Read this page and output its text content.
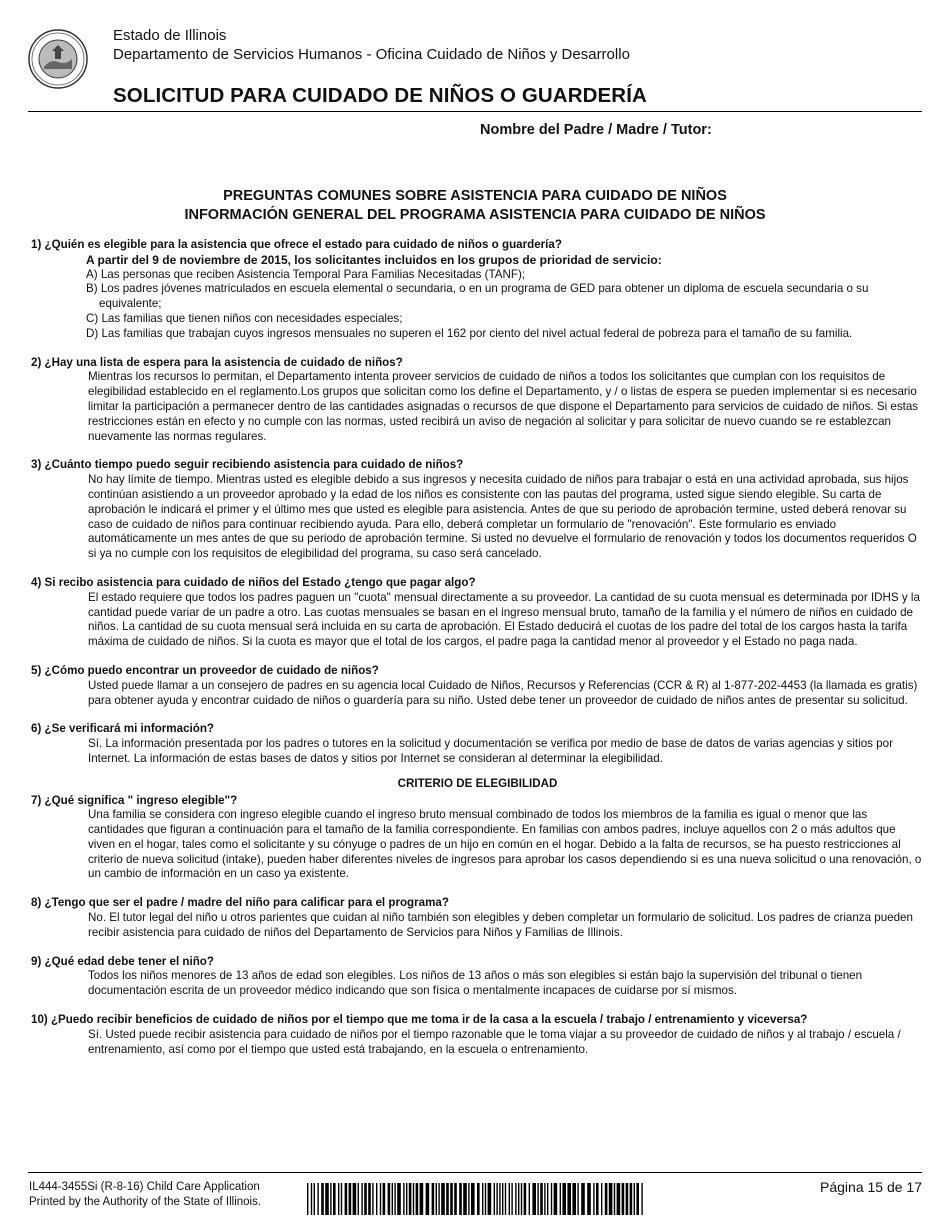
Estado de Illinois
Departamento de Servicios Humanos - Oficina Cuidado de Niños y Desarrollo
SOLICITUD PARA CUIDADO DE NIÑOS O GUARDERÍA
Nombre del Padre / Madre / Tutor:
PREGUNTAS COMUNES SOBRE ASISTENCIA PARA CUIDADO DE NIÑOS
INFORMACIÓN GENERAL DEL PROGRAMA ASISTENCIA PARA CUIDADO DE NIÑOS
1) ¿Quién es elegible para la asistencia que ofrece el estado para cuidado de niños o guardería?
A partir del 9 de noviembre de 2015, los solicitantes incluidos en los grupos de prioridad de servicio:
A) Las personas que reciben Asistencia Temporal Para Familias Necesitadas (TANF);
B) Los padres jóvenes matriculados en escuela elemental o secundaria, o en un programa de GED para obtener un diploma de escuela secundaria o su equivalente;
C) Las familias que tienen niños con necesidades especiales;
D) Las familias que trabajan cuyos ingresos mensuales no superen el 162 por ciento del nivel actual federal de pobreza para el tamaño de su familia.
2) ¿Hay una lista de espera para la asistencia de cuidado de niños?
Mientras los recursos lo permitan, el Departamento intenta proveer servicios de cuidado de niños a todos los solicitantes que cumplan con los requisitos de elegibilidad establecido en el reglamento.Los grupos que solicitan como los define el Departamento, y / o listas de espera se pueden implementar si es necesario limitar la participación a permanecer dentro de las cantidades asignadas o recursos de que dispone el Departamento para servicios de cuidado de niños. Si estas restricciones están en efecto y no cumple con las normas, usted recibirá un aviso de negación al solicitar y para solicitar de nuevo cuando se re establezcan nuevamente las normas regulares.
3) ¿Cuánto tiempo puedo seguir recibiendo asistencia para cuidado de niños?
No hay límite de tiempo. Mientras usted es elegible debido a sus ingresos y necesita cuidado de niños para trabajar o está en una actividad aprobada, sus hijos continúan asistiendo a un proveedor aprobado y la edad de los niños es consistente con las pautas del programa, usted sigue siendo elegible. Su carta de aprobación le indicará el primer y el último mes que usted es elegible para asistencia. Antes de que su periodo de aprobación termine, usted deberá renovar su caso de cuidado de niños para continuar recibiendo ayuda. Para ello, deberá completar un formulario de "renovación". Este formulario es enviado automáticamente un mes antes de que su periodo de aprobación termine. Si usted no devuelve el formulario de renovación y todos los documentos requeridos O si ya no cumple con los requisitos de elegibilidad del programa, su caso será cancelado.
4) Si recibo asistencia para cuidado de niños del Estado ¿tengo que pagar algo?
El estado requiere que todos los padres paguen un "cuota" mensual directamente a su proveedor. La cantidad de su cuota mensual es determinada por IDHS y la cantidad puede variar de un padre a otro. Las cuotas mensuales se basan en el ingreso mensual bruto, tamaño de la familia y el número de niños en cuidado de niños. La cantidad de su cuota mensual será incluida en su carta de aprobación. El Estado deducirá el cuotas de los padre del total de los cargos hasta la tarifa máxima de cuidado de niños. Si la cuota es mayor que el total de los cargos, el padre paga la cantidad menor al proveedor y el Estado no paga nada.
5) ¿Cómo puedo encontrar un proveedor de cuidado de niños?
Usted puede llamar a un consejero de padres en su agencia local Cuidado de Niños, Recursos y Referencias (CCR & R) al 1-877-202-4453 (la llamada es gratis) para obtener ayuda y encontrar cuidado de niños o guardería para su niño. Usted debe tener un proveedor de cuidado de niños antes de presentar su solicitud.
6) ¿Se verificará mi información?
Sí. La información presentada por los padres o tutores en la solicitud y documentación se verifica por medio de base de datos de varias agencias y sitios por Internet. La información de estas bases de datos y sitios por Internet se consideran al determinar la elegibilidad.
CRITERIO DE ELEGIBILIDAD
7) ¿Qué significa " ingreso elegible"?
Una familia se considera con ingreso elegible cuando el ingreso bruto mensual combinado de todos los miembros de la familia es igual o menor que las cantidades que figuran a continuación para el tamaño de la familia correspondiente. En familias con ambos padres, incluye aquellos con 2 o más adultos que viven en el hogar, tales como el solicitante y su cónyuge o padres de un hijo en común en el hogar. Debido a la falta de recursos, se ha puesto restricciones al criterio de nueva solicitud (intake), pueden haber diferentes niveles de ingresos para aprobar los casos dependiendo si es una nueva solicitud o una renovación, o un cambio de información en un caso ya existente.
8) ¿Tengo que ser el padre / madre del niño para calificar para el programa?
No. El tutor legal del niño u otros parientes que cuidan al niño también son elegibles y deben completar un formulario de solicitud. Los padres de crianza pueden recibir asistencia para cuidado de niños del Departamento de Servicios para Niños y Familias de Illinois.
9) ¿Qué edad debe tener el niño?
Todos los niños menores de 13 años de edad son elegibles. Los niños de 13 años o más son elegibles si están bajo la supervisión del tribunal o tienen documentación escrita de un proveedor médico indicando que son física o mentalmente incapaces de cuidarse por sí mismos.
10) ¿Puedo recibir beneficios de cuidado de niños por el tiempo que me toma ir de la casa a la escuela / trabajo / entrenamiento y viceversa?
Sí. Usted puede recibir asistencia para cuidado de niños por el tiempo razonable que le toma viajar a su proveedor de cuidado de niños y al trabajo / escuela / entrenamiento, así como por el tiempo que usted está trabajando, en la escuela o entrenamiento.
IL444-3455Si (R-8-16) Child Care Application
Printed by the Authority of the State of Illinois.
Página 15 de 17
